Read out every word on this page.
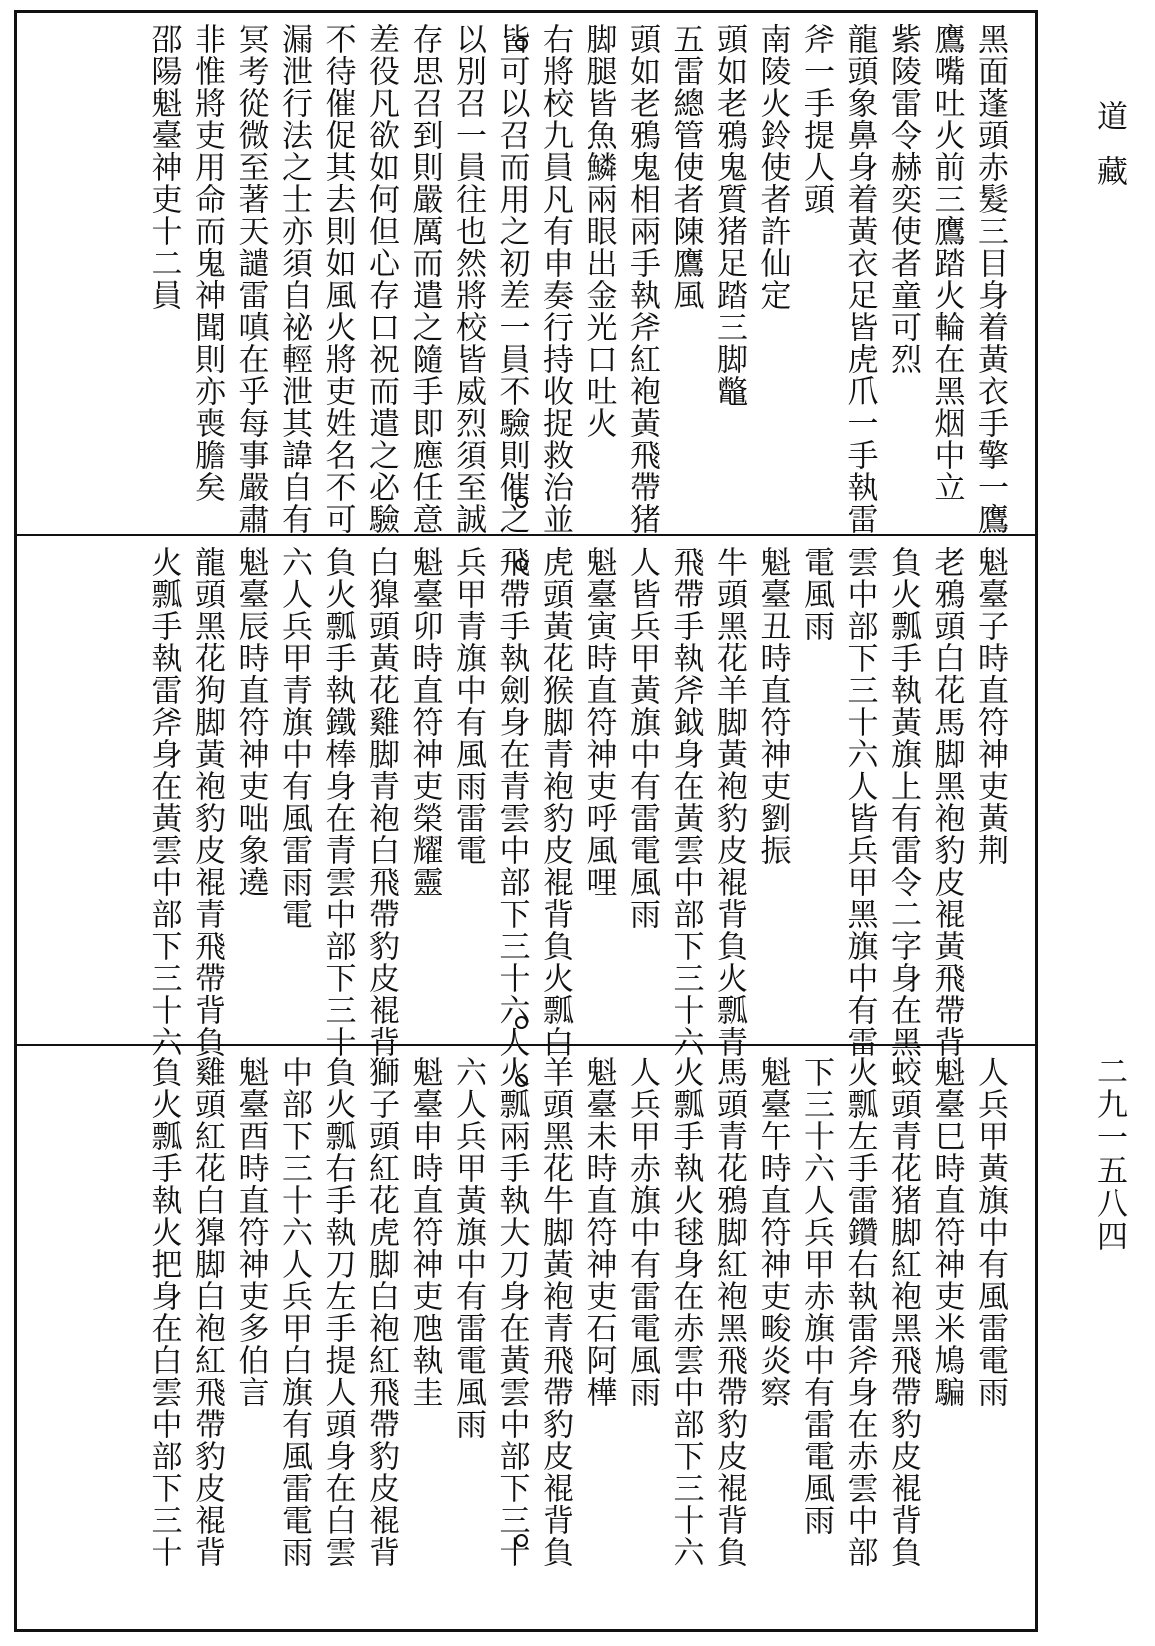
道藏
二九一五八四
黑面蓬頭赤髮三目身着黃衣手擎一鷹
鷹嘴吐火前三鷹踏火輪在黑烟中立
紫陵雷令赫奕使者童可烈
龍頭象鼻身着黃衣足皆虎爪一手執雷
斧一手提人頭
南陵火鈴使者許仙定
頭如老鴉鬼質猪足踏三脚鼈
五雷總管使者陳鷹風
頭如老鴉鬼相兩手執斧紅袍黃飛帶猪
脚腿皆魚鱗兩眼出金光口吐火
右將校九員凡有申奏行持收捉救治並
皆可以召而用之初差一員不驗則催之
以別召一員往也然將校皆威烈須至誠
存思召到則嚴厲而遣之隨手即應任意
差役凡欲如何但心存口祝而遣之必驗
不待催促其去則如風火將吏姓名不可
漏泄行法之士亦須自祕輕泄其諱自有
冥考從微至著天譴雷嗔在乎每事嚴肅
非惟將吏用命而鬼神聞則亦喪膽矣
邵陽魁臺神吏十二員
魁臺子時直符神吏黃荆
老鴉頭白花馬脚黑袍豹皮裩黃飛帶背
負火瓢手執黃旗上有雷令二字身在黑
雲中部下三十六人皆兵甲黑旗中有雷
電風雨
魁臺丑時直符神吏劉振
牛頭黑花羊脚黃袍豹皮裩背負火瓢青
飛帶手執斧鉞身在黃雲中部下三十六
人皆兵甲黃旗中有雷電風雨
魁臺寅時直符神吏呼風哩
虎頭黃花猴脚青袍豹皮裩背負火瓢白
飛帶手執劍身在青雲中部下三十六人
兵甲青旗中有風雨雷電
魁臺卯時直符神吏榮耀靈
白獋頭黃花雞脚青袍白飛帶豹皮裩背
負火瓢手執鐵棒身在青雲中部下三十
六人兵甲青旗中有風雷雨電
魁臺辰時直符神吏咄象遶
龍頭黑花狗脚黃袍豹皮裩青飛帶背負
火瓢手執雷斧身在黃雲中部下三十六
人兵甲黃旗中有風雷電雨
魁臺巳時直符神吏米鳩騙
蛟頭青花猪脚紅袍黑飛帶豹皮裩背負
火瓢左手雷鑽右執雷斧身在赤雲中部
下三十六人兵甲赤旗中有雷電風雨
魁臺午時直符神吏畯炎察
馬頭青花鴉脚紅袍黑飛帶豹皮裩背負
火瓢手執火毬身在赤雲中部下三十六
人兵甲赤旗中有雷電風雨
魁臺未時直符神吏石阿樺
羊頭黑花牛脚黃袍青飛帶豹皮裩背負
火瓢兩手執大刀身在黃雲中部下三十
六人兵甲黃旗中有雷電風雨
魁臺申時直符神吏虺執圭
獅子頭紅花虎脚白袍紅飛帶豹皮裩背
負火瓢右手執刀左手提人頭身在白雲
中部下三十六人兵甲白旗有風雷電雨
魁臺酉時直符神吏多伯言
雞頭紅花白獋脚白袍紅飛帶豹皮裩背
負火瓢手執火把身在白雲中部下三十
